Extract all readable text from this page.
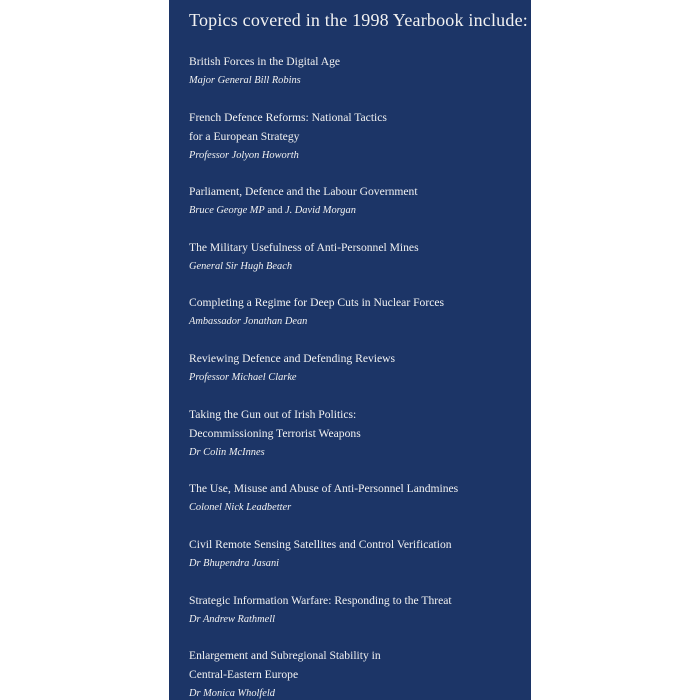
Topics covered in the 1998 Yearbook include:
British Forces in the Digital Age
Major General Bill Robins
French Defence Reforms: National Tactics
for a European Strategy
Professor Jolyon Howorth
Parliament, Defence and the Labour Government
Bruce George MP and J. David Morgan
The Military Usefulness of Anti-Personnel Mines
General Sir Hugh Beach
Completing a Regime for Deep Cuts in Nuclear Forces
Ambassador Jonathan Dean
Reviewing Defence and Defending Reviews
Professor Michael Clarke
Taking the Gun out of Irish Politics:
Decommissioning Terrorist Weapons
Dr Colin McInnes
The Use, Misuse and Abuse of Anti-Personnel Landmines
Colonel Nick Leadbetter
Civil Remote Sensing Satellites and Control Verification
Dr Bhupendra Jasani
Strategic Information Warfare: Responding to the Threat
Dr Andrew Rathmell
Enlargement and Subregional Stability in
Central-Eastern Europe
Dr Monica Wholfeld
